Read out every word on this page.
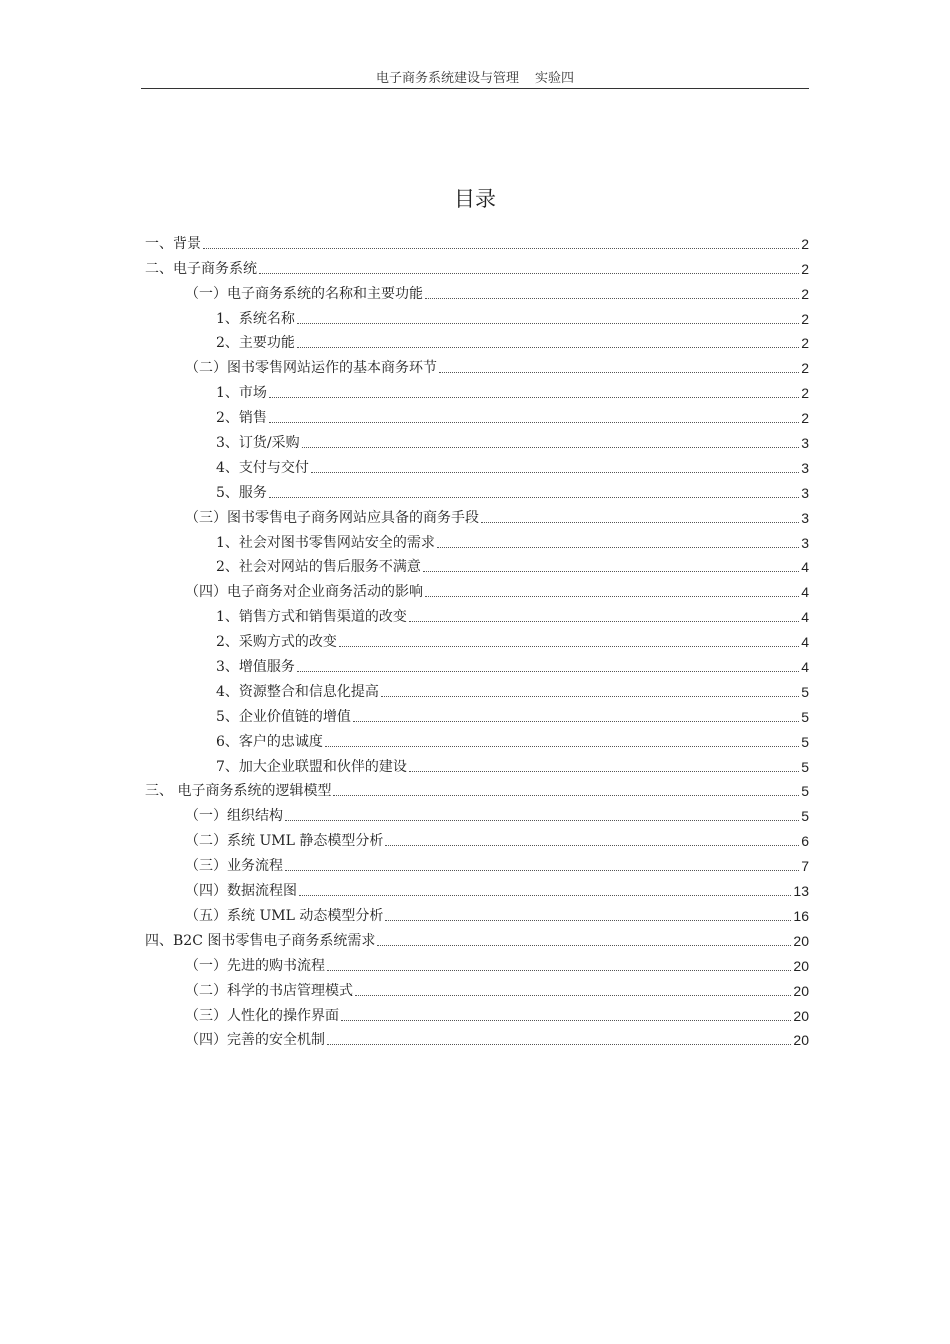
电子商务系统建设与管理 实验四
目录
一、背景	2
二、电子商务系统	2
（一）电子商务系统的名称和主要功能	2
1、系统名称	2
2、主要功能	2
（二）图书零售网站运作的基本商务环节	2
1、市场	2
2、销售	2
3、订货/采购	3
4、支付与交付	3
5、服务	3
（三）图书零售电子商务网站应具备的商务手段	3
1、社会对图书零售网站安全的需求	3
2、社会对网站的售后服务不满意	4
（四）电子商务对企业商务活动的影响	4
1、销售方式和销售渠道的改变	4
2、采购方式的改变	4
3、增值服务	4
4、资源整合和信息化提高	5
5、企业价值链的增值	5
6、客户的忠诚度	5
7、加大企业联盟和伙伴的建设	5
三、 电子商务系统的逻辑模型	5
（一）组织结构	5
（二）系统 UML 静态模型分析	6
（三）业务流程	7
（四）数据流程图	13
（五）系统 UML 动态模型分析	16
四、B2C 图书零售电子商务系统需求	20
（一）先进的购书流程	20
（二）科学的书店管理模式	20
（三）人性化的操作界面	20
（四）完善的安全机制	20
